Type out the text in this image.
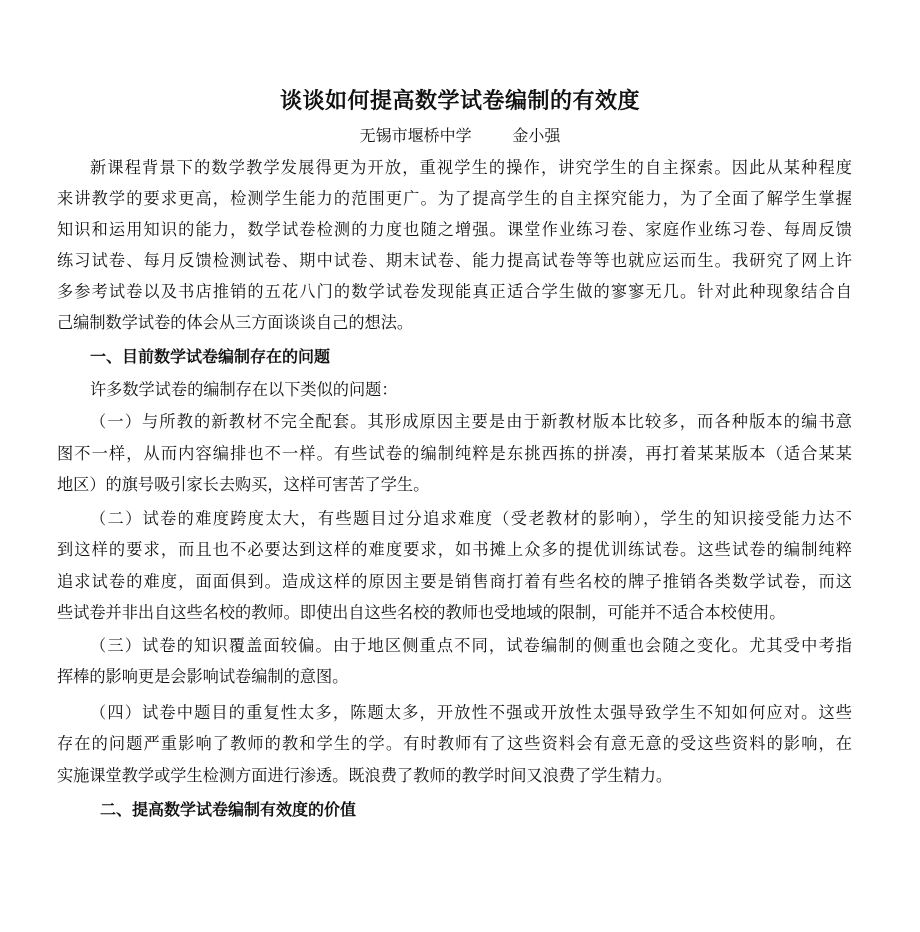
谈谈如何提高数学试卷编制的有效度
无锡市堰桥中学        金小强
新课程背景下的数学教学发展得更为开放，重视学生的操作，讲究学生的自主探索。因此从某种程度
来讲教学的要求更高，检测学生能力的范围更广。为了提高学生的自主探究能力，为了全面了解学生掌握
知识和运用知识的能力，数学试卷检测的力度也随之增强。课堂作业练习卷、家庭作业练习卷、每周反馈
练习试卷、每月反馈检测试卷、期中试卷、期末试卷、能力提高试卷等等也就应运而生。我研究了网上许
多参考试卷以及书店推销的五花八门的数学试卷发现能真正适合学生做的寥寥无几。针对此种现象结合自
己编制数学试卷的体会从三方面谈谈自己的想法。
一、目前数学试卷编制存在的问题
许多数学试卷的编制存在以下类似的问题：
（一）与所教的新教材不完全配套。其形成原因主要是由于新教材版本比较多，而各种版本的编书意
图不一样，从而内容编排也不一样。有些试卷的编制纯粹是东挑西拣的拼凑，再打着某某版本（适合某某
地区）的旗号吸引家长去购买，这样可害苦了学生。
（二）试卷的难度跨度太大，有些题目过分追求难度（受老教材的影响），学生的知识接受能力达不
到这样的要求，而且也不必要达到这样的难度要求，如书摊上众多的提优训练试卷。这些试卷的编制纯粹
追求试卷的难度，面面俱到。造成这样的原因主要是销售商打着有些名校的牌子推销各类数学试卷，而这
些试卷并非出自这些名校的教师。即使出自这些名校的教师也受地域的限制，可能并不适合本校使用。
（三）试卷的知识覆盖面较偏。由于地区侧重点不同，试卷编制的侧重也会随之变化。尤其受中考指
挥棒的影响更是会影响试卷编制的意图。
（四）试卷中题目的重复性太多，陈题太多，开放性不强或开放性太强导致学生不知如何应对。这些
存在的问题严重影响了教师的教和学生的学。有时教师有了这些资料会有意无意的受这些资料的影响，在
实施课堂教学或学生检测方面进行渗透。既浪费了教师的教学时间又浪费了学生精力。
二、提高数学试卷编制有效度的价值
